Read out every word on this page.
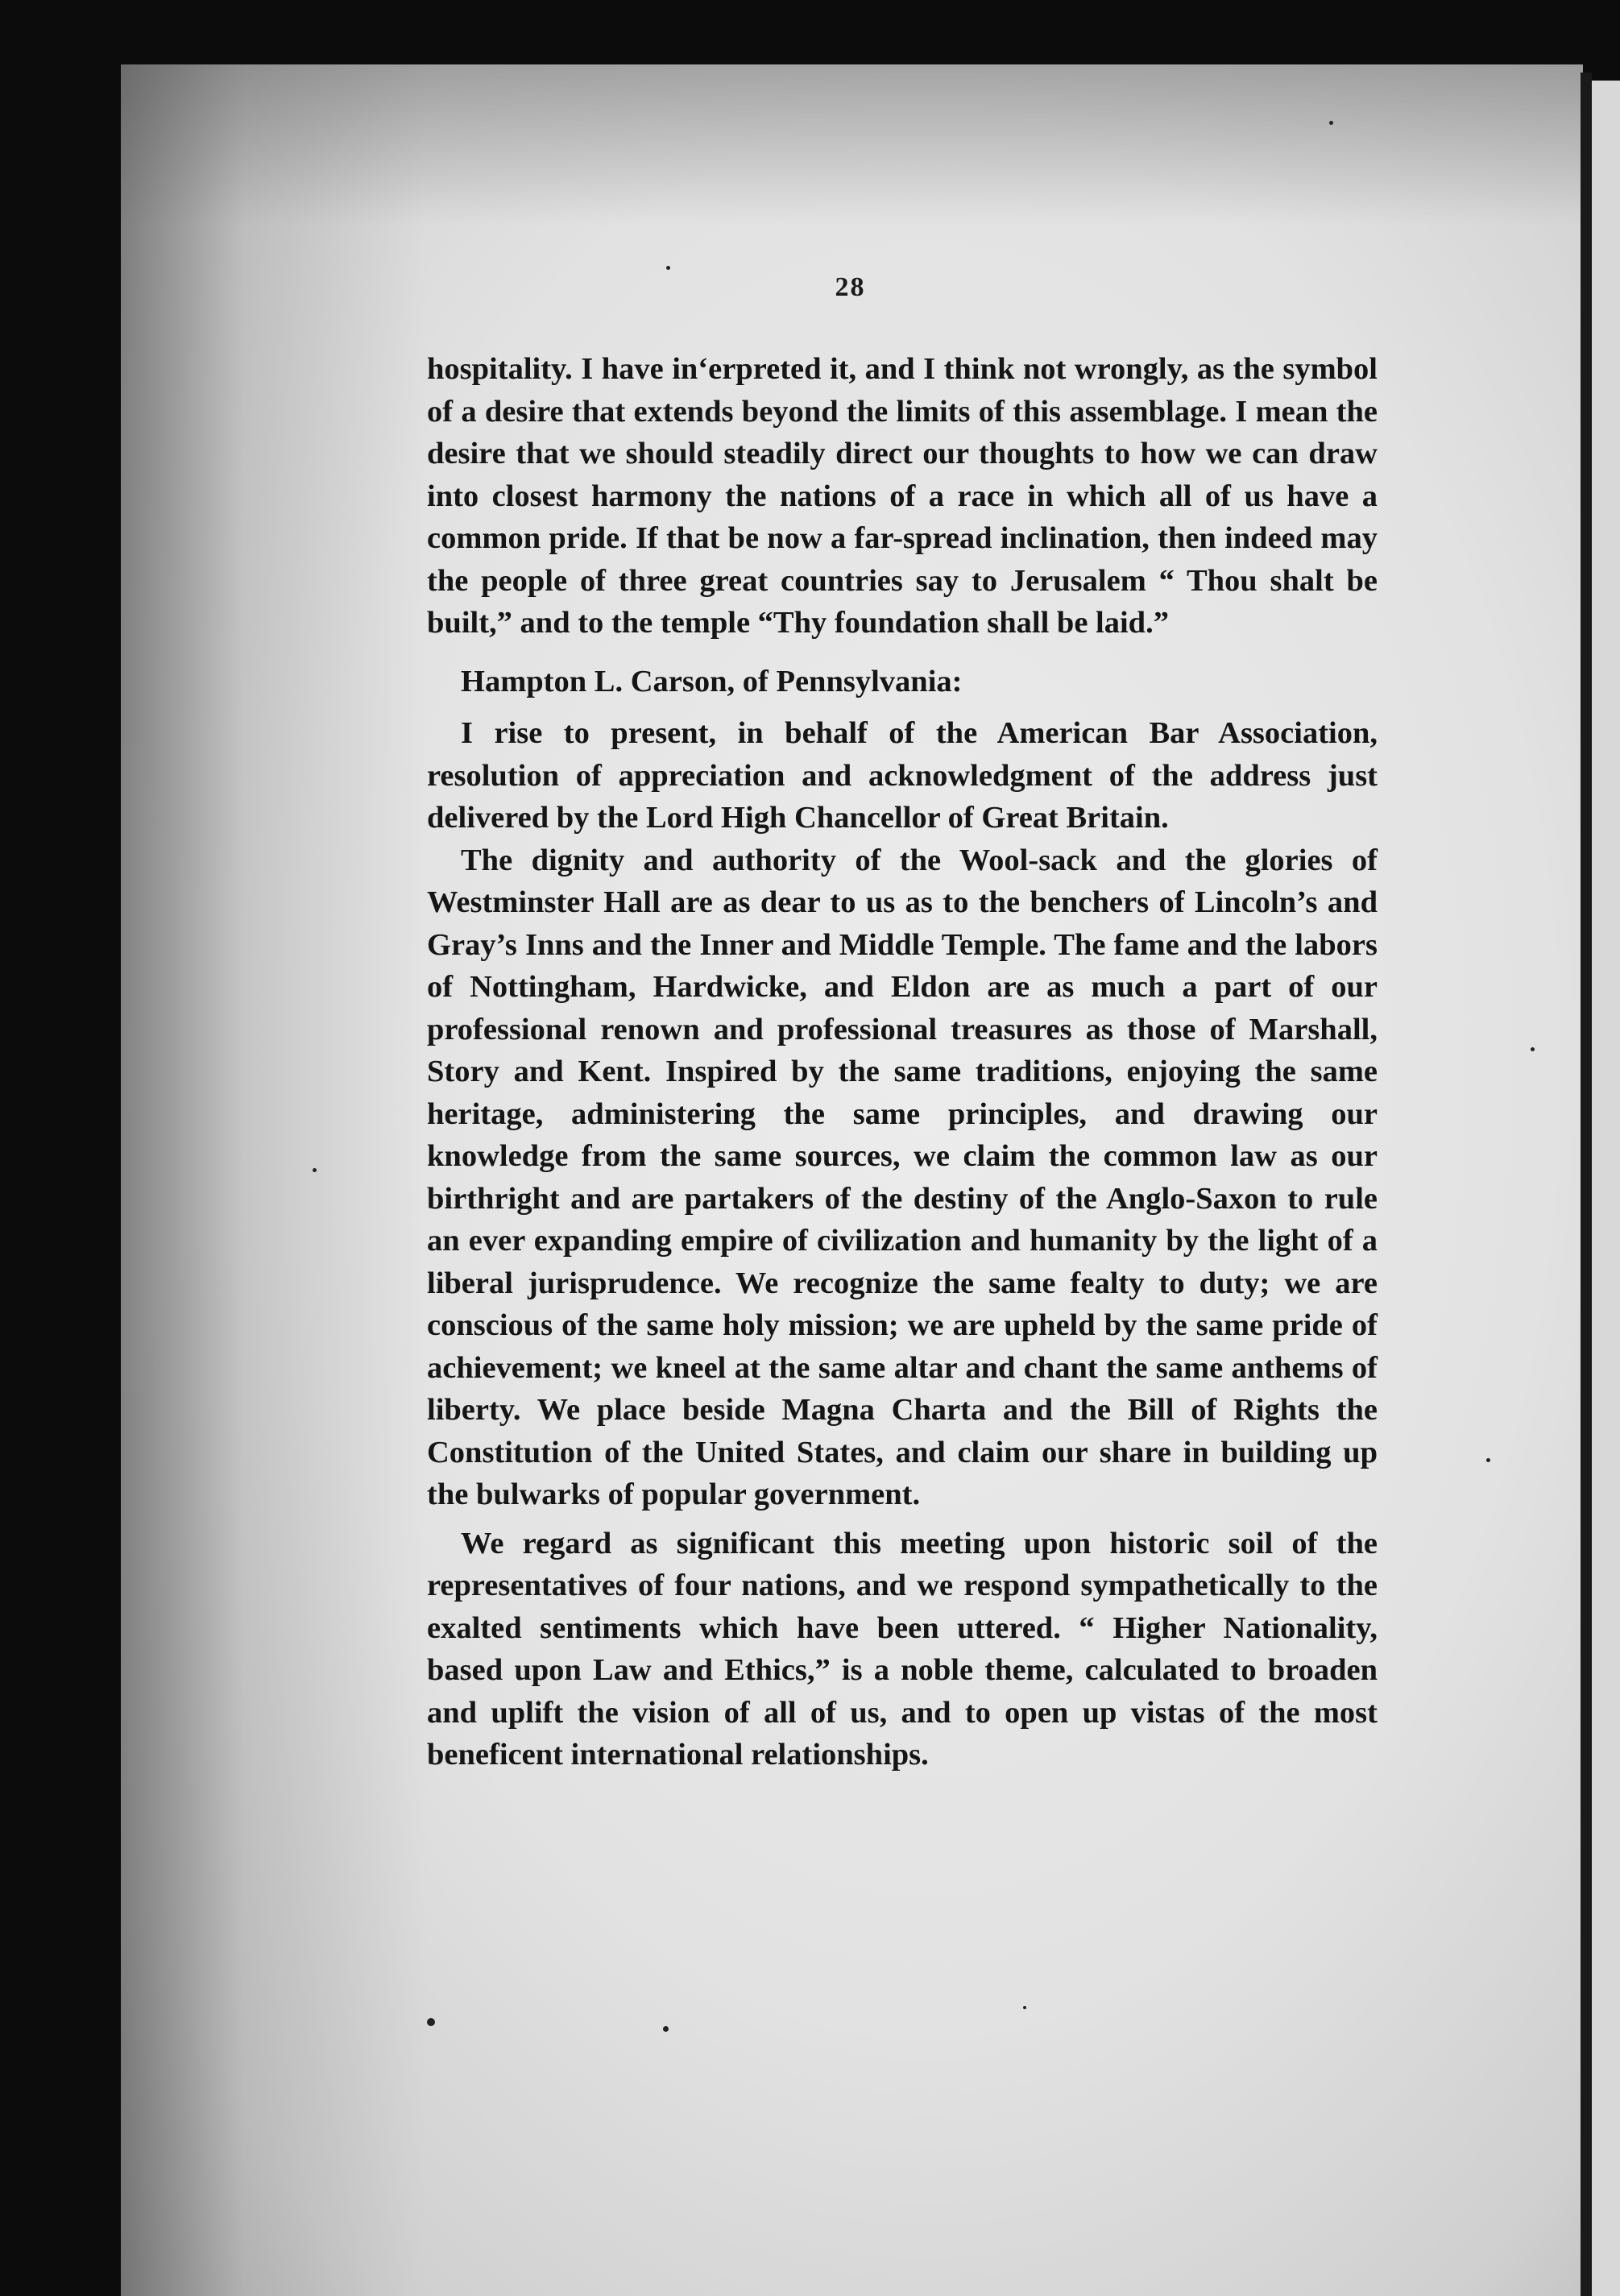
28

hospitality. I have in‘erpreted it, and I think not wrongly, as the symbol of a desire that extends beyond the limits of this assemblage. I mean the desire that we should steadily direct our thoughts to how we can draw into closest harmony the nations of a race in which all of us have a common pride. If that be now a far-spread inclination, then indeed may the people of three great countries say to Jerusalem “ Thou shalt be built,” and to the temple “Thy foundation shall be laid.”

Hampton L. Carson, of Pennsylvania:

I rise to present, in behalf of the American Bar Association, resolution of appreciation and acknowledgment of the address just delivered by the Lord High Chancellor of Great Britain.

The dignity and authority of the Wool-sack and the glories of Westminster Hall are as dear to us as to the benchers of Lincoln’s and Gray’s Inns and the Inner and Middle Temple. The fame and the labors of Nottingham, Hardwicke, and Eldon are as much a part of our professional renown and professional treasures as those of Marshall, Story and Kent. Inspired by the same traditions, enjoying the same heritage, administering the same principles, and drawing our knowledge from the same sources, we claim the common law as our birthright and are partakers of the destiny of the Anglo-Saxon to rule an ever expanding empire of civilization and humanity by the light of a liberal jurisprudence. We recognize the same fealty to duty; we are conscious of the same holy mission; we are upheld by the same pride of achievement; we kneel at the same altar and chant the same anthems of liberty. We place beside Magna Charta and the Bill of Rights the Constitution of the United States, and claim our share in building up the bulwarks of popular government.

We regard as significant this meeting upon historic soil of the representatives of four nations, and we respond sympathetically to the exalted sentiments which have been uttered. “ Higher Nationality, based upon Law and Ethics,” is a noble theme, calculated to broaden and uplift the vision of all of us, and to open up vistas of the most beneficent international relationships.
